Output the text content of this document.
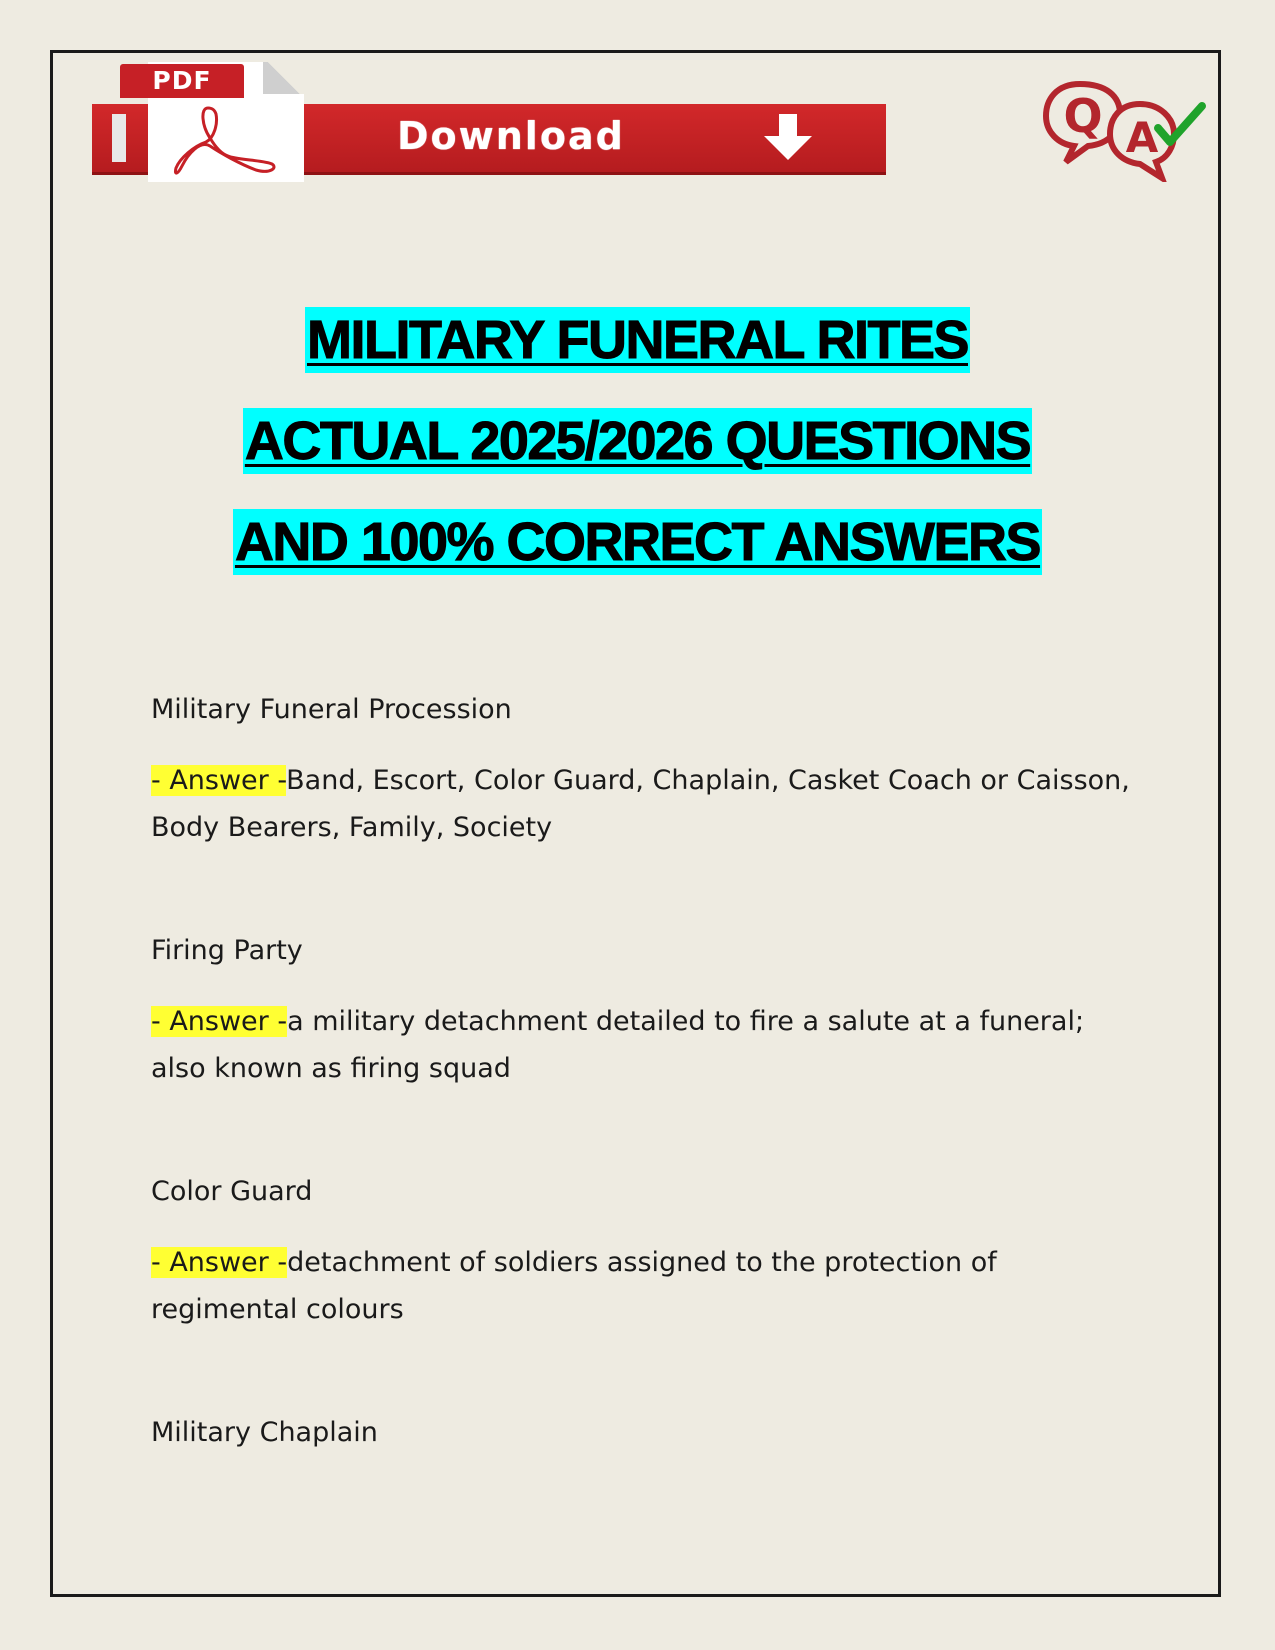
PDF
Download	Q A
MILITARY FUNERAL RITES
ACTUAL 2025/2026 QUESTIONS
AND 100% CORRECT ANSWERS
Military Funeral Procession
- Answer -Band, Escort, Color Guard, Chaplain, Casket Coach or Caisson,
Body Bearers, Family, Society
Firing Party
- Answer -a military detachment detailed to fire a salute at a funeral;
also known as firing squad
Color Guard
- Answer -detachment of soldiers assigned to the protection of
regimental colours
Military Chaplain
